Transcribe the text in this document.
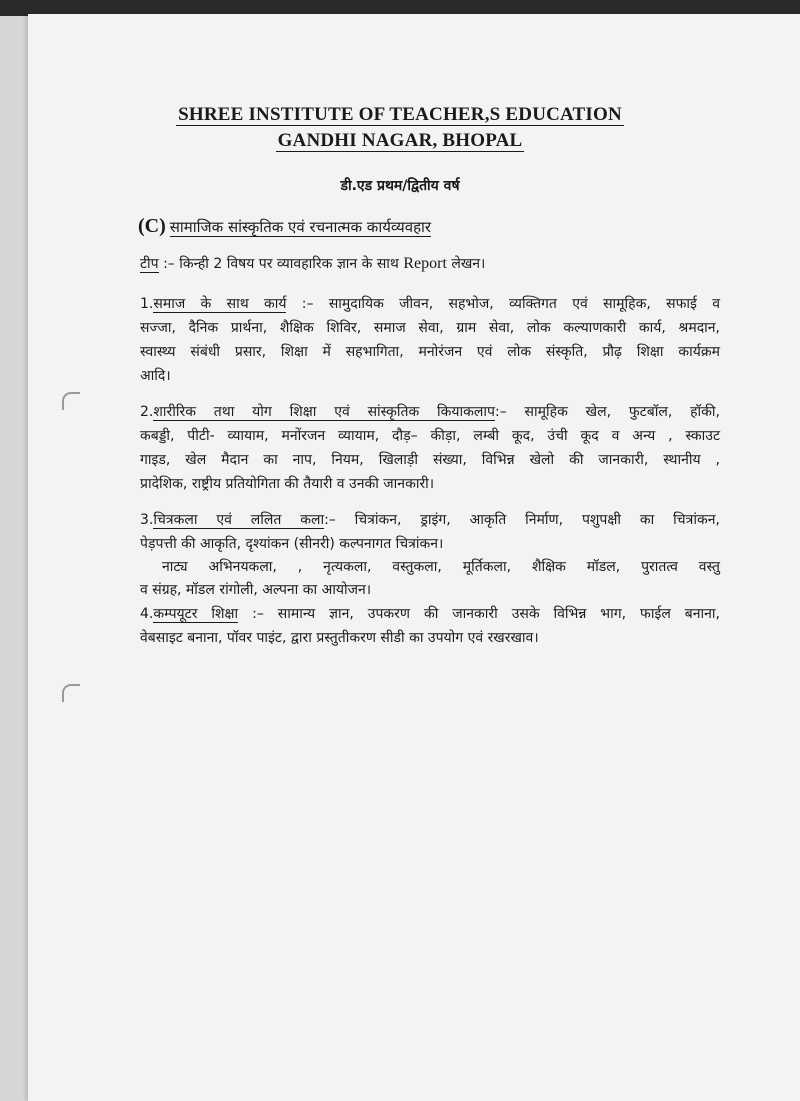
SHREE INSTITUTE OF TEACHER,S EDUCATION
GANDHI NAGAR, BHOPAL
डी.एड प्रथम/द्वितीय वर्ष
(C) सामाजिक सांस्कृतिक एवं रचनात्मक कार्यव्यवहार
टीप :– किन्ही 2 विषय पर व्यावहारिक ज्ञान के साथ Report लेखन।
1.समाज के साथ कार्य :– सामुदायिक जीवन, सहभोज, व्यक्तिगत एवं सामूहिक, सफाई व
सज्जा, दैनिक प्रार्थना, शैक्षिक शिविर, समाज सेवा, ग्राम सेवा, लोक कल्याणकारी कार्य, श्रमदान,
स्वास्थ्य संबंधी प्रसार, शिक्षा में सहभागिता, मनोरंजन एवं लोक संस्कृति, प्रौढ़ शिक्षा कार्यक्रम
आदि।
2.शारीरिक तथा योग शिक्षा एवं सांस्कृतिक कियाकलाप:– सामूहिक खेल, फुटबॉल, हॉकी,
कबड्डी, पीटी- व्यायाम, मनोंरजन व्यायाम, दौड़– कीड़ा, लम्बी कूद, उंची कूद व अन्य , स्काउट
गाइड, खेल मैदान का नाप, नियम, खिलाड़ी संख्या, विभिन्न खेलो की जानकारी, स्थानीय ,
प्रादेशिक, राष्ट्रीय प्रतियोगिता की तैयारी व उनकी जानकारी।
3.चित्रकला एवं ललित कला:– चित्रांकन, ड्राइंग, आकृति निर्माण, पशुपक्षी का चित्रांकन,
पेड़पत्ती की आकृति, दृश्यांकन (सीनरी) कल्पनागत चित्रांकन।
नाट्य अभिनयकला, , नृत्यकला, वस्तुकला, मूर्तिकला, शैक्षिक मॉडल, पुरातत्व वस्तु
व संग्रह, मॉडल रांगोली, अल्पना का आयोजन।
4.कम्पयूटर शिक्षा :– सामान्य ज्ञान, उपकरण की जानकारी उसके विभिन्न भाग, फाईल बनाना,
वेबसाइट बनाना, पॉवर पाइंट, द्वारा प्रस्तुतीकरण सीडी का उपयोग एवं रखरखाव।
